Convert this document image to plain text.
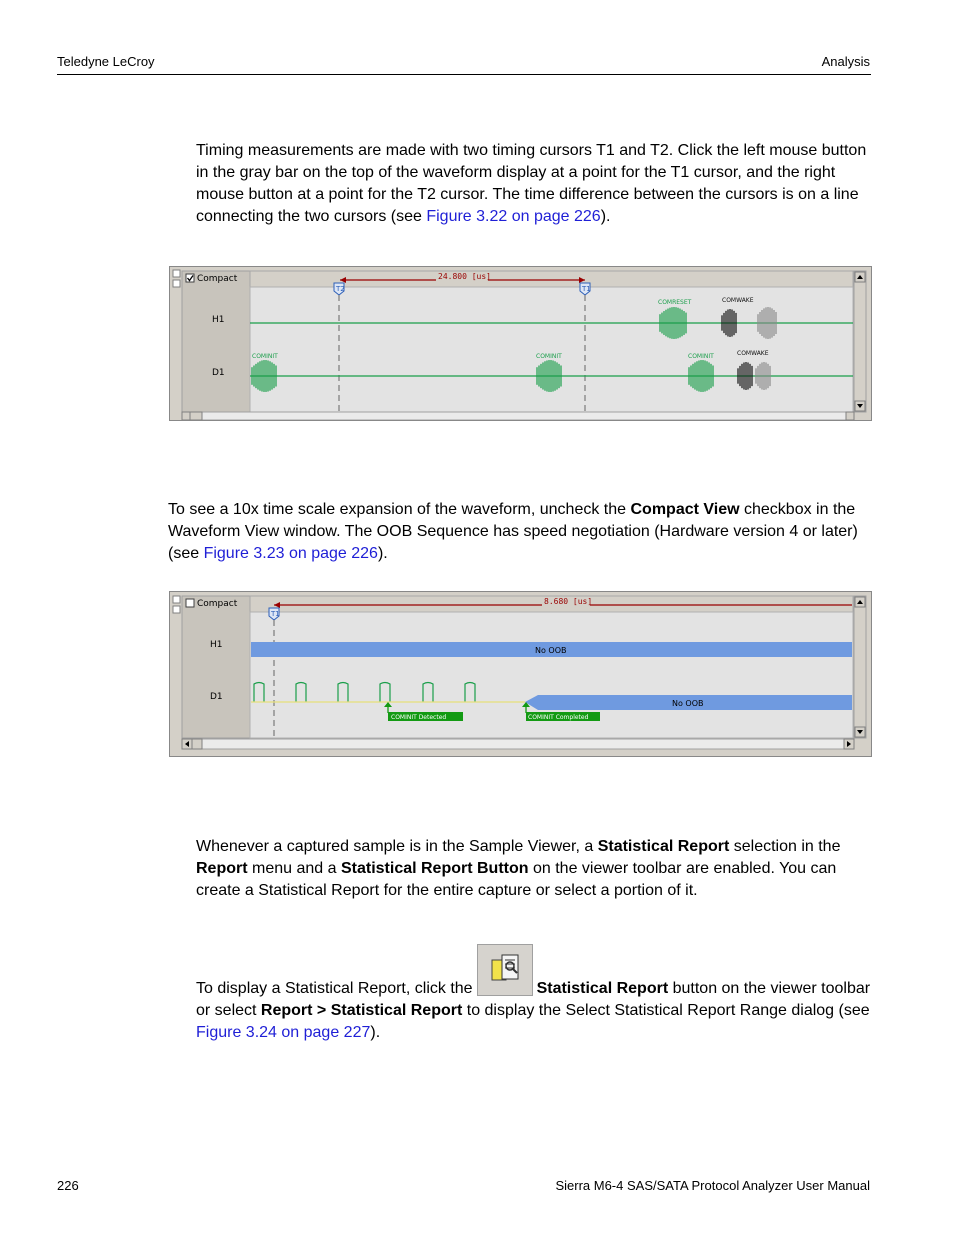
Teledyne LeCroy	Analysis
Timing measurements are made with two timing cursors T1 and T2. Click the left mouse button in the gray bar on the top of the waveform display at a point for the T1 cursor, and the right mouse button at a point for the T2 cursor. The time difference between the cursors is on a line connecting the two cursors (see Figure 3.22 on page 226).
Compact
H1
D1
24.800 [us]
T2	T1
COMRESET	COMWAKE
COMINIT	COMINIT	COMINIT	COMWAKE
To see a 10x time scale expansion of the waveform, uncheck the Compact View checkbox in the Waveform View window. The OOB Sequence has speed negotiation (Hardware version 4 or later) (see Figure 3.23 on page 226).
Compact
H1
D1
8.680 [us]
T1
No OOB
No OOB
COMINIT Detected	COMINIT Completed
Whenever a captured sample is in the Sample Viewer, a Statistical Report selection in the Report menu and a Statistical Report Button on the viewer toolbar are enabled. You can create a Statistical Report for the entire capture or select a portion of it.
To display a Statistical Report, click the	Statistical Report button on the viewer toolbar or select Report > Statistical Report to display the Select Statistical Report Range dialog (see Figure 3.24 on page 227).
226	Sierra M6-4 SAS/SATA Protocol Analyzer User Manual
